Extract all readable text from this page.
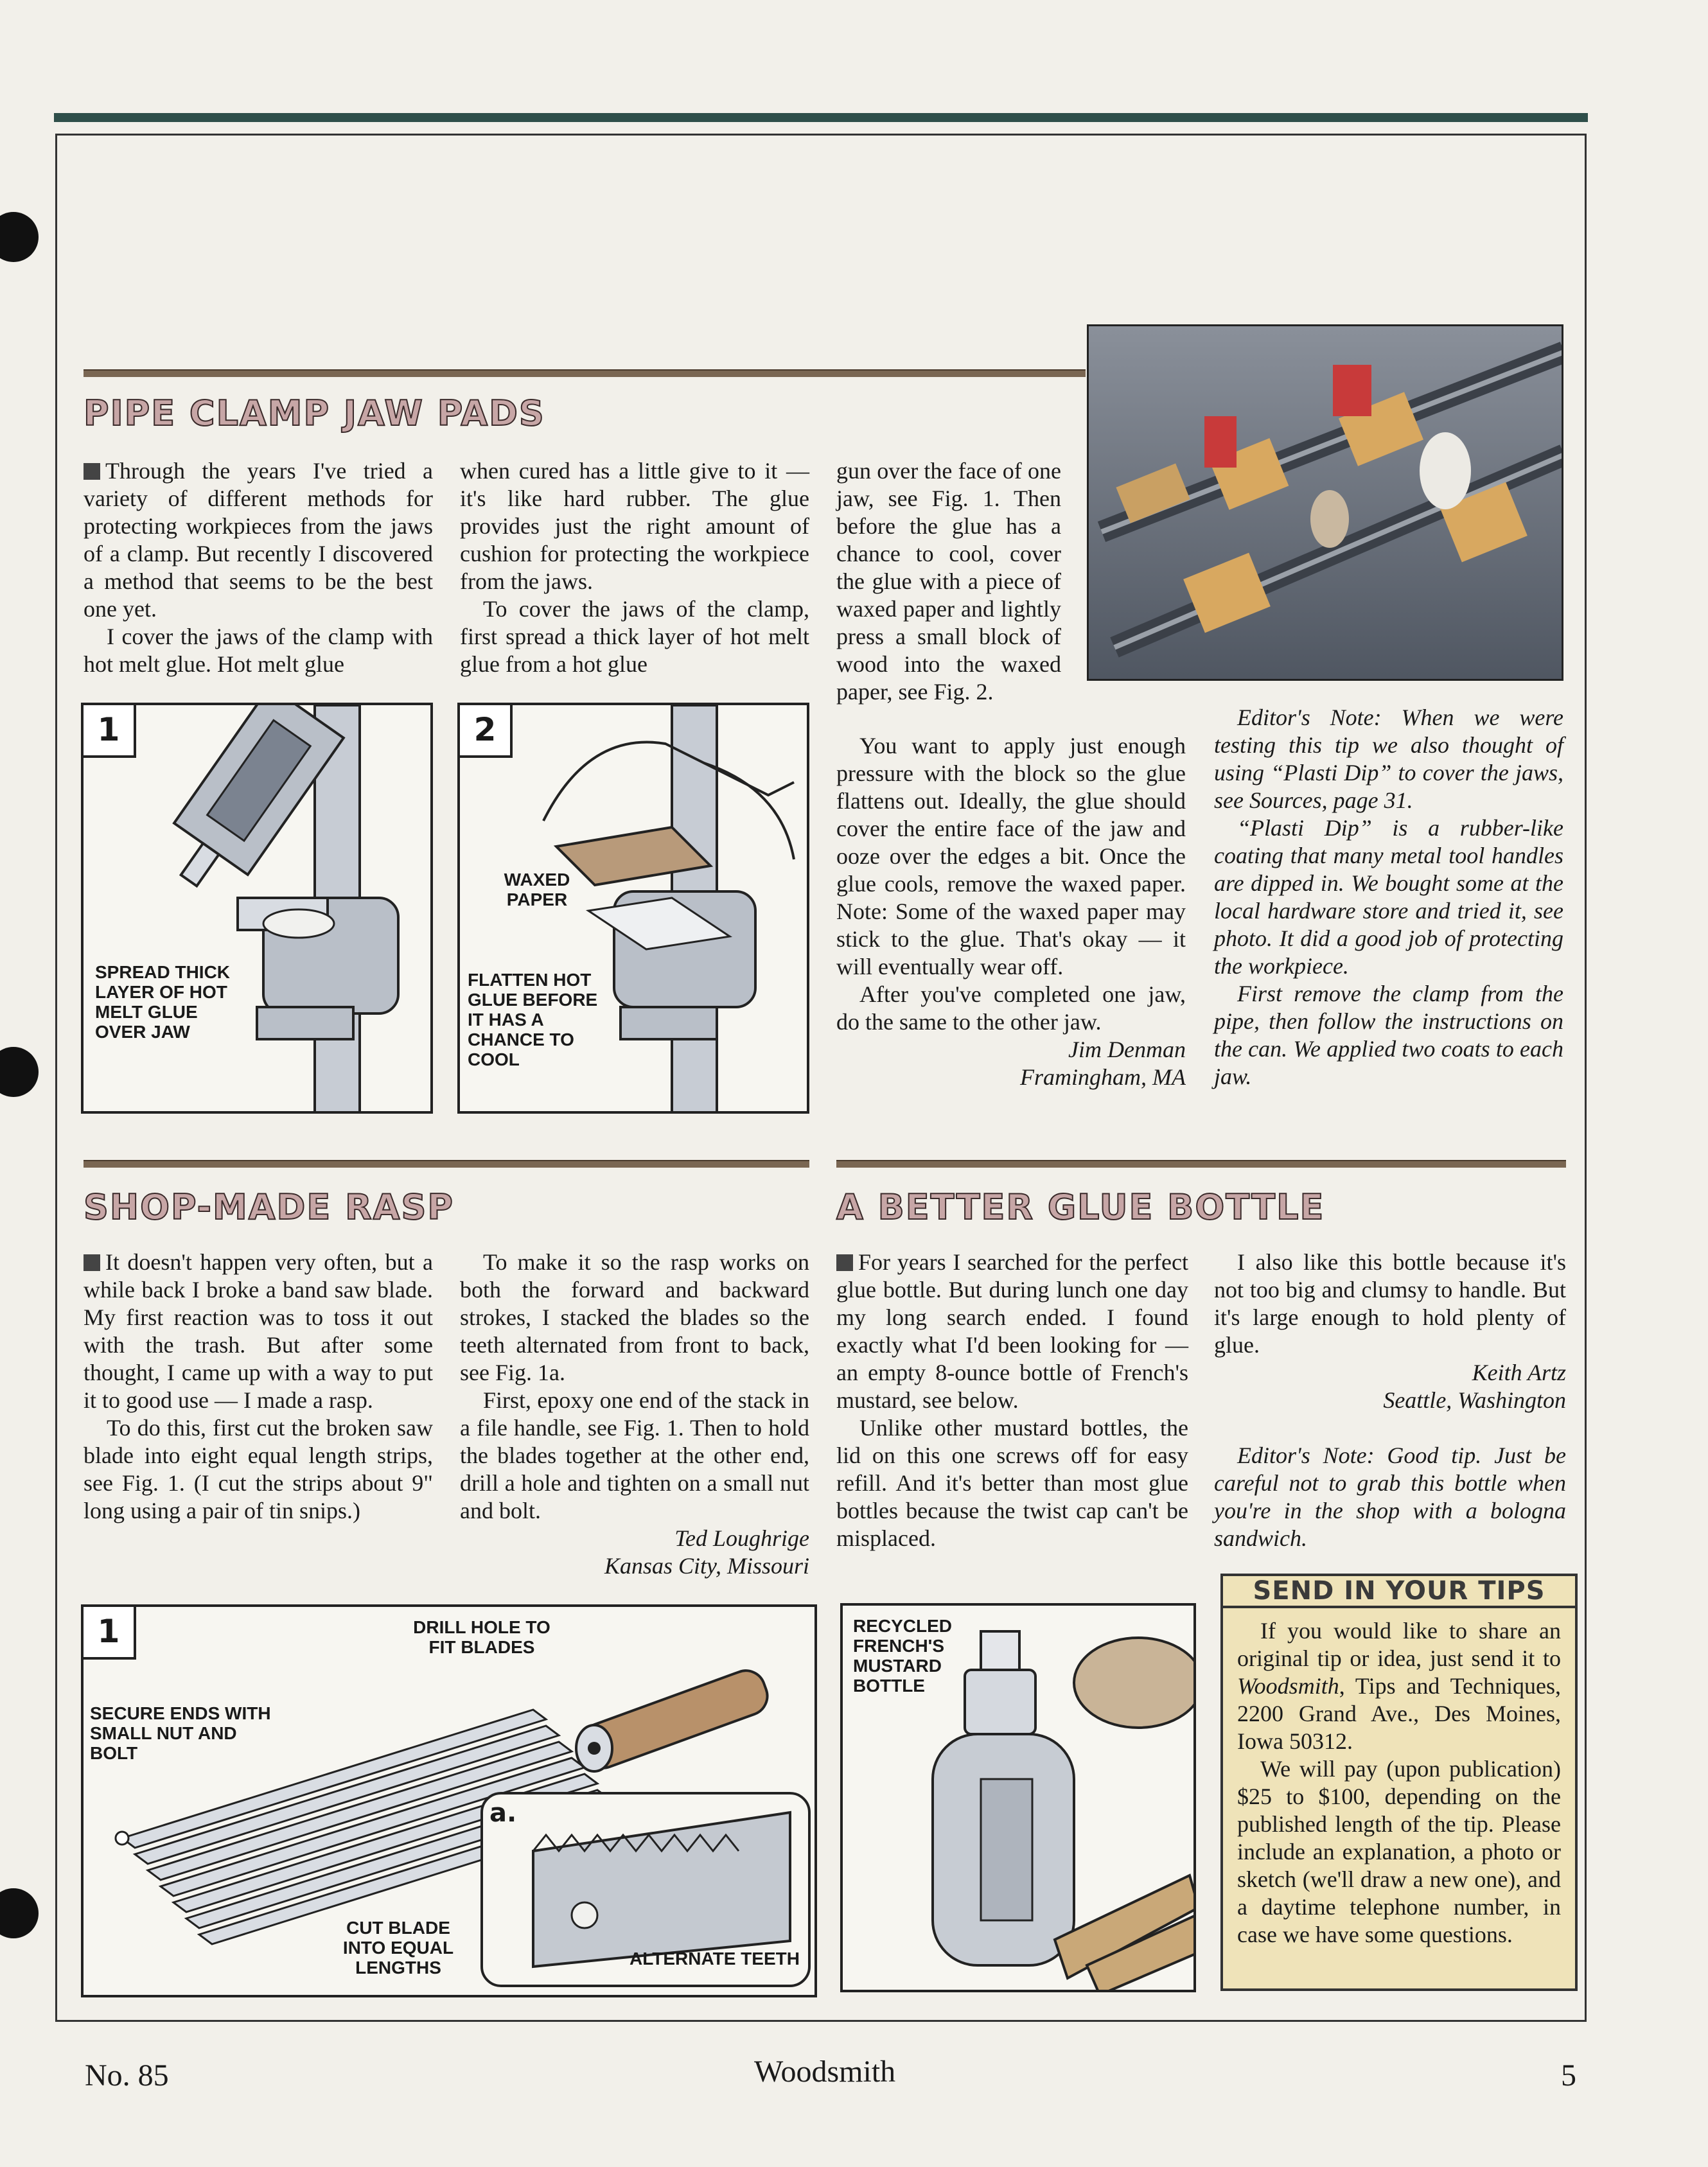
PIPE CLAMP JAW PADS

Through the years I've tried a variety of different methods for protecting workpieces from the jaws of a clamp. But recently I discovered a method that seems to be the best one yet.

I cover the jaws of the clamp with hot melt glue. Hot melt glue

when cured has a little give to it — it's like hard rubber. The glue provides just the right amount of cushion for protecting the workpiece from the jaws.

To cover the jaws of the clamp, first spread a thick layer of hot melt glue from a hot glue

gun over the face of one jaw, see Fig. 1. Then before the glue has a chance to cool, cover the glue with a piece of waxed paper and lightly press a small block of wood into the waxed paper, see Fig. 2.

You want to apply just enough pressure with the block so the glue flattens out. Ideally, the glue should cover the entire face of the jaw and ooze over the edges a bit. Once the glue cools, remove the waxed paper. Note: Some of the waxed paper may stick to the glue. That's okay — it will eventually wear off.

After you've completed one jaw, do the same to the other jaw.

Jim Denman
Framingham, MA

Editor's Note: When we were testing this tip we also thought of using “Plasti Dip” to cover the jaws, see Sources, page 31.

“Plasti Dip” is a rubber-like coating that many metal tool handles are dipped in. We bought some at the local hardware store and tried it, see photo. It did a good job of protecting the workpiece.

First remove the clamp from the pipe, then follow the instructions on the can. We applied two coats to each jaw.

1
SPREAD THICK LAYER OF HOT MELT GLUE OVER JAW
2
WAXED PAPER
FLATTEN HOT GLUE BEFORE IT HAS A CHANCE TO COOL
SHOP-MADE RASP

It doesn't happen very often, but a while back I broke a band saw blade. My first reaction was to toss it out with the trash. But after some thought, I came up with a way to put it to good use — I made a rasp.

To do this, first cut the broken saw blade into eight equal length strips, see Fig. 1. (I cut the strips about 9" long using a pair of tin snips.)

To make it so the rasp works on both the forward and backward strokes, I stacked the blades so the teeth alternated from front to back, see Fig. 1a.

First, epoxy one end of the stack in a file handle, see Fig. 1. Then to hold the blades together at the other end, drill a hole and tighten on a small nut and bolt.

Ted Loughrige
Kansas City, Missouri
1	DRILL HOLE TO FIT BLADES
SECURE ENDS WITH SMALL NUT AND BOLT
CUT BLADE INTO EQUAL LENGTHS
a.
ALTERNATE TEETH
A BETTER GLUE BOTTLE

For years I searched for the perfect glue bottle. But during lunch one day my long search ended. I found exactly what I'd been looking for — an empty 8-ounce bottle of French's mustard, see below.

Unlike other mustard bottles, the lid on this one screws off for easy refill. And it's better than most glue bottles because the twist cap can't be misplaced.

I also like this bottle because it's not too big and clumsy to handle. But it's large enough to hold plenty of glue.

Keith Artz
Seattle, Washington

Editor's Note: Good tip. Just be careful not to grab this bottle when you're in the shop with a bologna sandwich.

RECYCLED FRENCH'S MUSTARD BOTTLE
SEND IN YOUR TIPS

If you would like to share an original tip or idea, just send it to Woodsmith, Tips and Techniques, 2200 Grand Ave., Des Moines, Iowa 50312.

We will pay (upon publication) $25 to $100, depending on the published length of the tip. Please include an explanation, a photo or sketch (we'll draw a new one), and a daytime telephone number, in case we have some questions.

No. 85	Woodsmith	5
